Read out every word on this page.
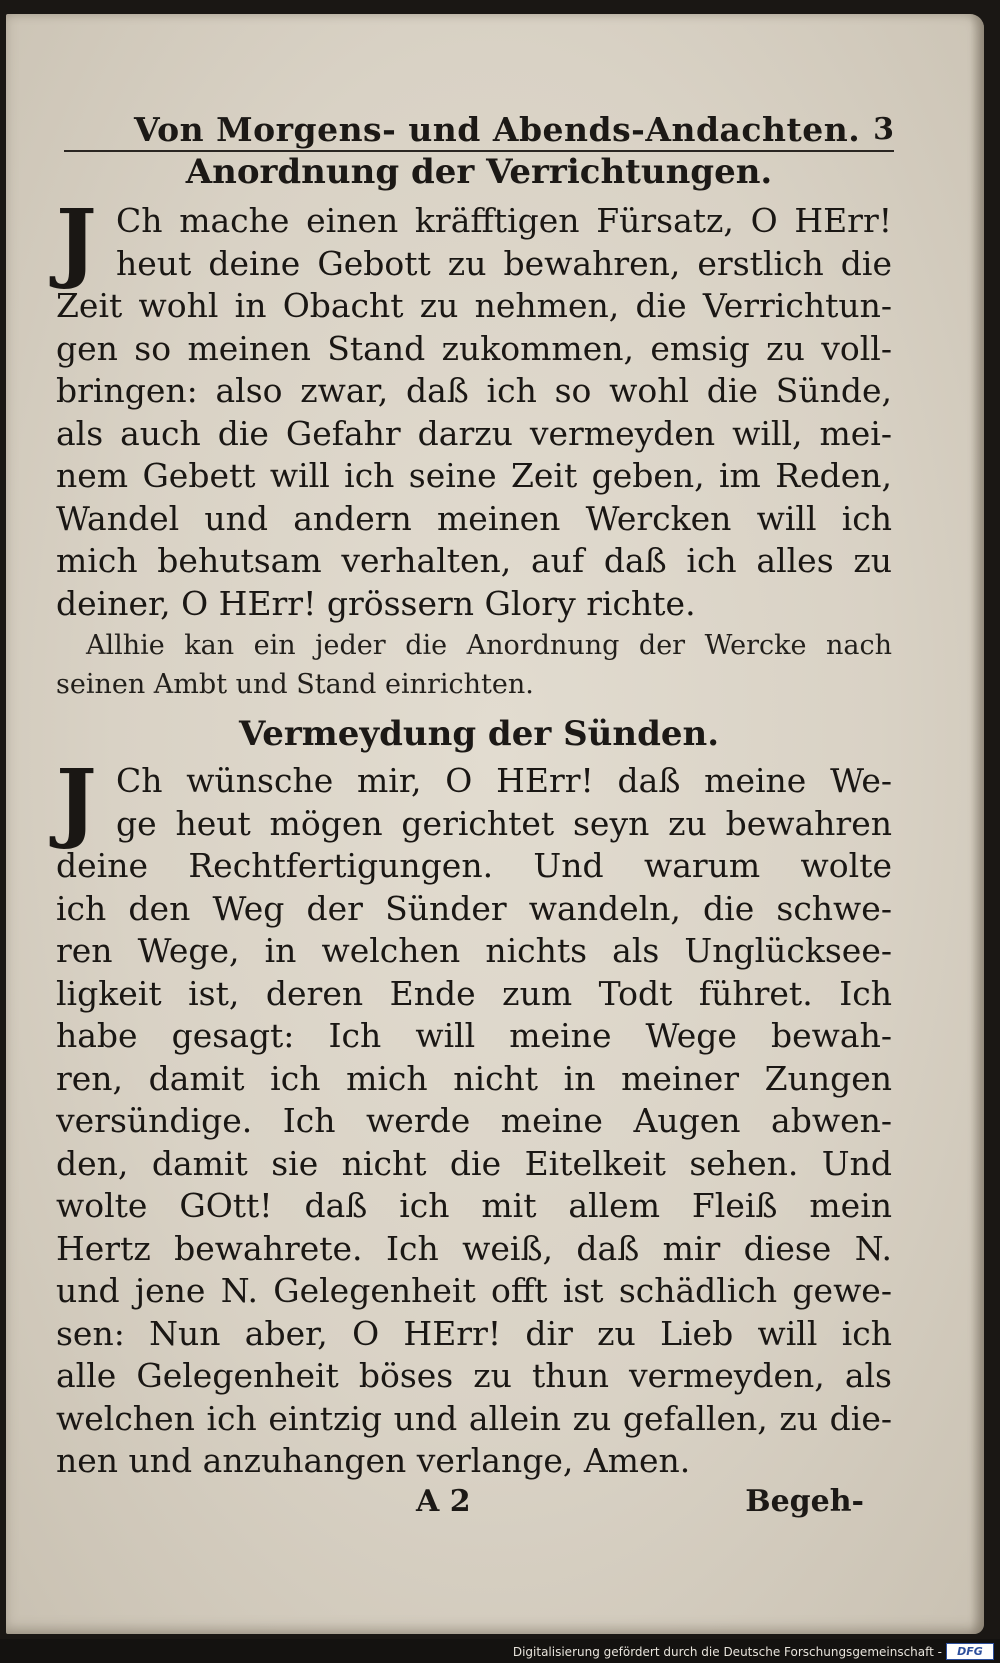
Von Morgens- und Abends-Andachten. 3
Anordnung der Verrichtungen.
J Ch mache einen kräfftigen Fürsatz, O HErr!
heut deine Gebott zu bewahren, erstlich die
Zeit wohl in Obacht zu nehmen, die Verrichtun-
gen so meinen Stand zukommen, emsig zu voll-
bringen: also zwar, daß ich so wohl die Sünde,
als auch die Gefahr darzu vermeyden will, mei-
nem Gebett will ich seine Zeit geben, im Reden,
Wandel und andern meinen Wercken will ich
mich behutsam verhalten, auf daß ich alles zu
deiner, O HErr! grössern Glory richte.
Allhie kan ein jeder die Anordnung der Wercke nach
seinen Ambt und Stand einrichten.
Vermeydung der Sünden.
J Ch wünsche mir, O HErr! daß meine We-
ge heut mögen gerichtet seyn zu bewahren
deine Rechtfertigungen. Und warum wolte
ich den Weg der Sünder wandeln, die schwe-
ren Wege, in welchen nichts als Unglücksee-
ligkeit ist, deren Ende zum Todt führet. Ich
habe gesagt: Ich will meine Wege bewah-
ren, damit ich mich nicht in meiner Zungen
versündige. Ich werde meine Augen abwen-
den, damit sie nicht die Eitelkeit sehen. Und
wolte GOtt! daß ich mit allem Fleiß mein
Hertz bewahrete. Ich weiß, daß mir diese N.
und jene N. Gelegenheit offt ist schädlich gewe-
sen: Nun aber, O HErr! dir zu Lieb will ich
alle Gelegenheit böses zu thun vermeyden, als
welchen ich eintzig und allein zu gefallen, zu die-
nen und anzuhangen verlange, Amen.
A 2	Begeh-
Digitalisierung gefördert durch die Deutsche Forschungsgemeinschaft -	DFG
